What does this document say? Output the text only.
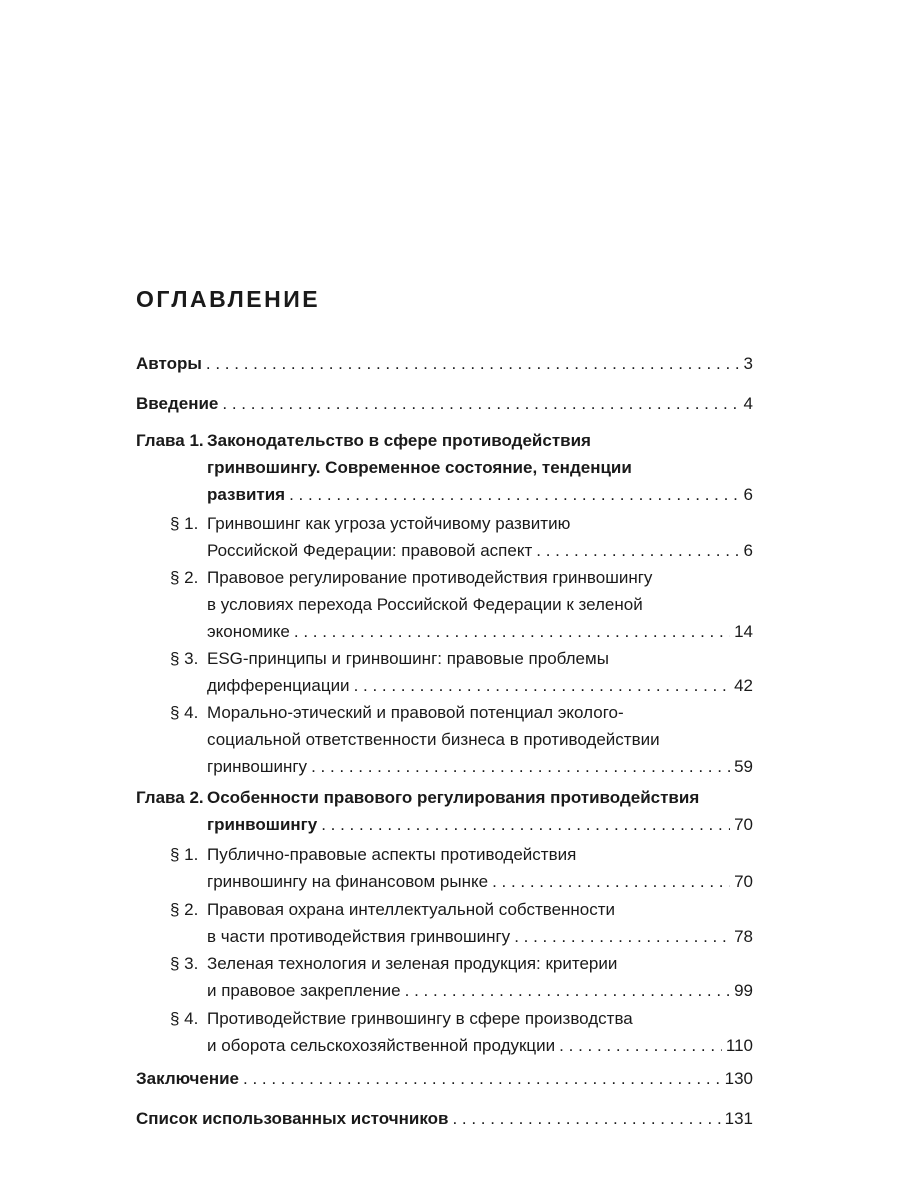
ОГЛАВЛЕНИЕ
Авторы . . .	3
Введение . . .	4
Глава 1. Законодательство в сфере противодействия
гринвошингу. Современное состояние, тенденции
развития . . .	6
§ 1. Гринвошинг как угроза устойчивому развитию
Российской Федерации: правовой аспект . . .	6
§ 2. Правовое регулирование противодействия гринвошингу
в условиях перехода Российской Федерации к зеленой
экономике . . .	14
§ 3. ESG-принципы и гринвошинг: правовые проблемы
дифференциации . . .	42
§ 4. Морально-этический и правовой потенциал эколого-
социальной ответственности бизнеса в противодействии
гринвошингу . . .	59
Глава 2. Особенности правового регулирования противодействия
гринвошингу . . .	70
§ 1. Публично-правовые аспекты противодействия
гринвошингу на финансовом рынке . . .	70
§ 2. Правовая охрана интеллектуальной собственности
в части противодействия гринвошингу . . .	78
§ 3. Зеленая технология и зеленая продукция: критерии
и правовое закрепление . . .	99
§ 4. Противодействие гринвошингу в сфере производства
и оборота сельскохозяйственной продукции . . .	110
Заключение . . .	130
Список использованных источников . . .	131
